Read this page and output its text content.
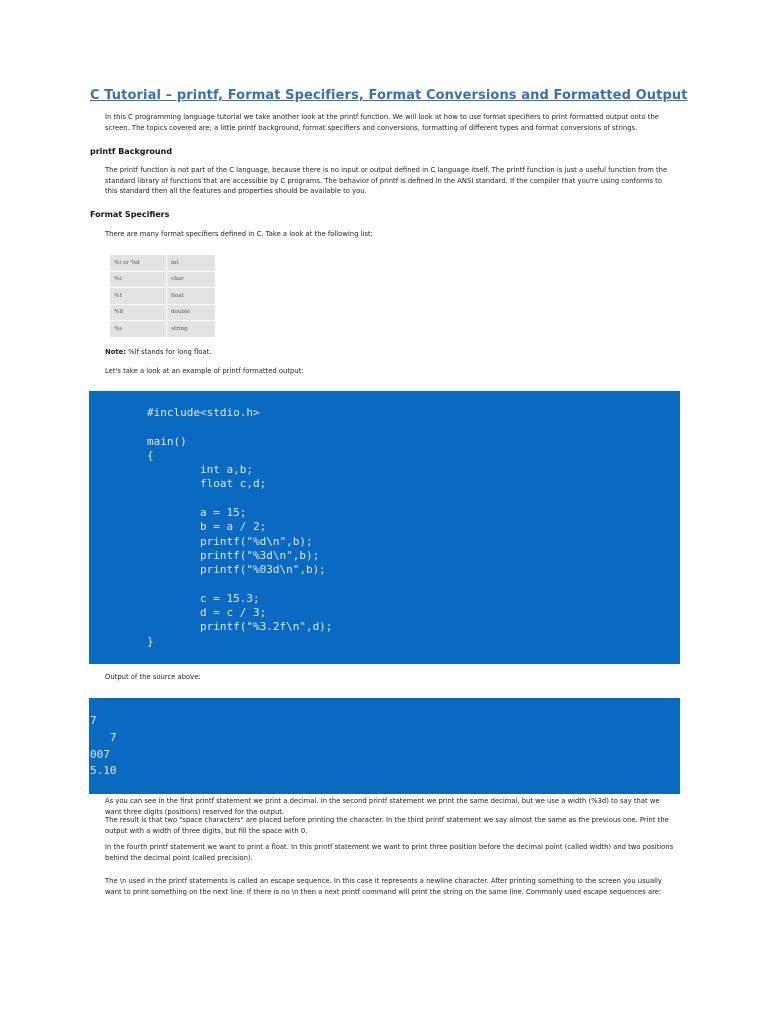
C Tutorial – printf, Format Specifiers, Format Conversions and Formatted Output
In this C programming language tutorial we take another look at the printf function. We will look at how to use format specifiers to print formatted output onto the screen. The topics covered are; a little printf background, format specifiers and conversions, formatting of different types and format conversions of strings.
printf Background
The printf function is not part of the C language, because there is no input or output defined in C language itself. The printf function is just a useful function from the standard library of functions that are accessible by C programs. The behavior of printf is defined in the ANSI standard. If the compiler that you're using conforms to this standard then all the features and properties should be available to you.
Format Specifiers
There are many format specifiers defined in C. Take a look at the following list:
%i or %d	int
%c	char
%f	float
%lf	double
%s	string
Note: %lf stands for long float.
Let's take a look at an example of printf formatted output:
#include<stdio.h>

main()
{
int a,b;
float c,d;

a = 15;
b = a / 2;
printf("%d\n",b);
printf("%3d\n",b);
printf("%03d\n",b);

c = 15.3;
d = c / 3;
printf("%3.2f\n",d);
}
Output of the source above:
7
7
007
5.10
As you can see in the first printf statement we print a decimal. In the second printf statement we print the same decimal, but we use a width (%3d) to say that we want three digits (positions) reserved for the output.
The result is that two "space characters" are placed before printing the character. In the third printf statement we say almost the same as the previous one. Print the output with a width of three digits, but fill the space with 0.
In the fourth printf statement we want to print a float. In this printf statement we want to print three position before the decimal point (called width) and two positions behind the decimal point (called precision).
The \n used in the printf statements is called an escape sequence. In this case it represents a newline character. After printing something to the screen you usually want to print something on the next line. If there is no \n then a next printf command will print the string on the same line. Commonly used escape sequences are:
